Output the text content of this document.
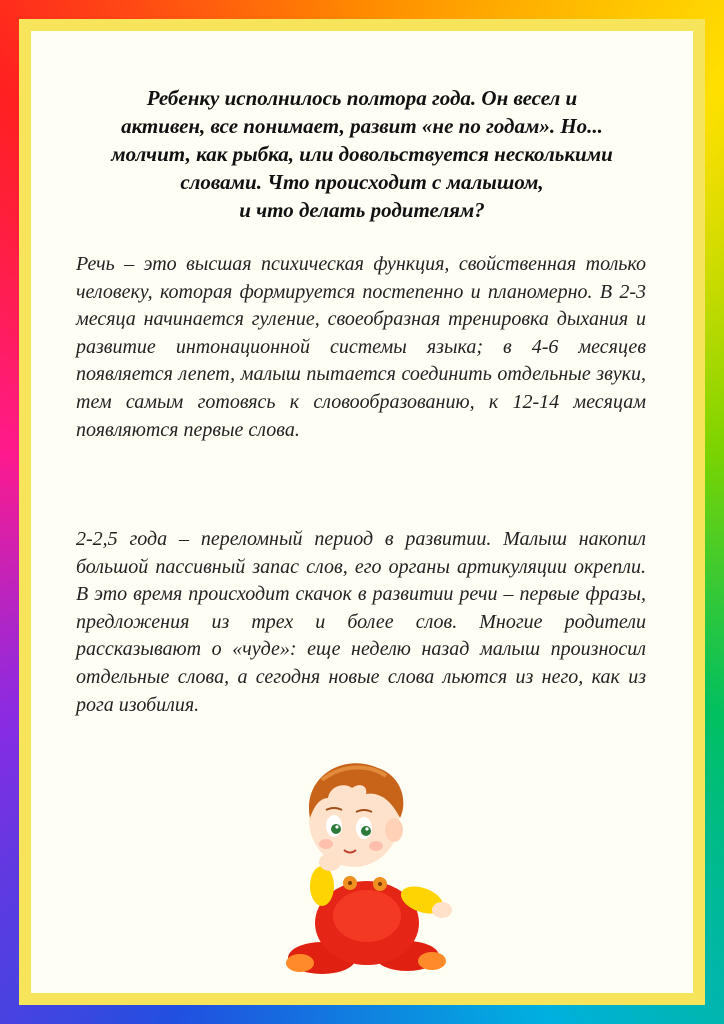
Ребенку исполнилось полтора года. Он весел и
активен, все понимает, развит «не по годам». Но...
молчит, как рыбка, или довольствуется несколькими
словами. Что происходит с малышом,
и что делать родителям?

Речь – это высшая психическая функция, свойственная только человеку, которая формируется постепенно и планомерно. В 2-3 месяца начинается гуление, своеобразная тренировка дыхания и развитие интонационной системы языка; в 4-6 месяцев появляется лепет, малыш пытается соединить отдельные звуки, тем самым готовясь к словообразованию, к 12-14 месяцам появляются первые слова.

2-2,5 года – переломный период в развитии. Малыш накопил большой пассивный запас слов, его органы артикуляции окрепли. В это время происходит скачок в развитии речи – первые фразы, предложения из трех и более слов. Многие родители рассказывают о «чуде»: еще неделю назад малыш произносил отдельные слова, а сегодня новые слова льются из него, как из рога изобилия.
